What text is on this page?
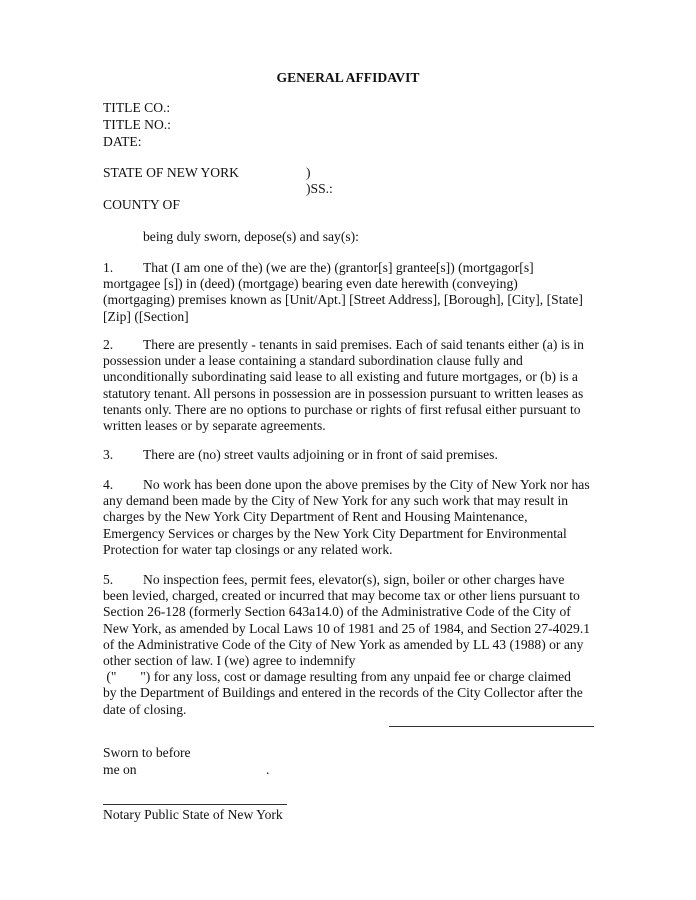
GENERAL AFFIDAVIT
TITLE CO.:
TITLE NO.:
DATE:
STATE OF NEW YORK	)
)SS.:
COUNTY OF
being duly sworn, depose(s) and say(s):
1. That (I am one of the) (we are the) (grantor[s] grantee[s]) (mortgagor[s]
mortgagee [s]) in (deed) (mortgage) bearing even date herewith (conveying)
(mortgaging) premises known as [Unit/Apt.] [Street Address], [Borough], [City], [State]
[Zip] ([Section]
2. There are presently - tenants in said premises. Each of said tenants either (a) is in
possession under a lease containing a standard subordination clause fully and
unconditionally subordinating said lease to all existing and future mortgages, or (b) is a
statutory tenant. All persons in possession are in possession pursuant to written leases as
tenants only. There are no options to purchase or rights of first refusal either pursuant to
written leases or by separate agreements.
3. There are (no) street vaults adjoining or in front of said premises.
4. No work has been done upon the above premises by the City of New York nor has
any demand been made by the City of New York for any such work that may result in
charges by the New York City Department of Rent and Housing Maintenance,
Emergency Services or charges by the New York City Department for Environmental
Protection for water tap closings or any related work.
5. No inspection fees, permit fees, elevator(s), sign, boiler or other charges have
been levied, charged, created or incurred that may become tax or other liens pursuant to
Section 26-128 (formerly Section 643a14.0) of the Administrative Code of the City of
New York, as amended by Local Laws 10 of 1981 and 25 of 1984, and Section 27-4029.1
of the Administrative Code of the City of New York as amended by LL 43 (1988) or any
other section of law. I (we) agree to indemnify
("       ") for any loss, cost or damage resulting from any unpaid fee or charge claimed
by the Department of Buildings and entered in the records of the City Collector after the
date of closing.
Sworn to before
me on	.
Notary Public State of New York
